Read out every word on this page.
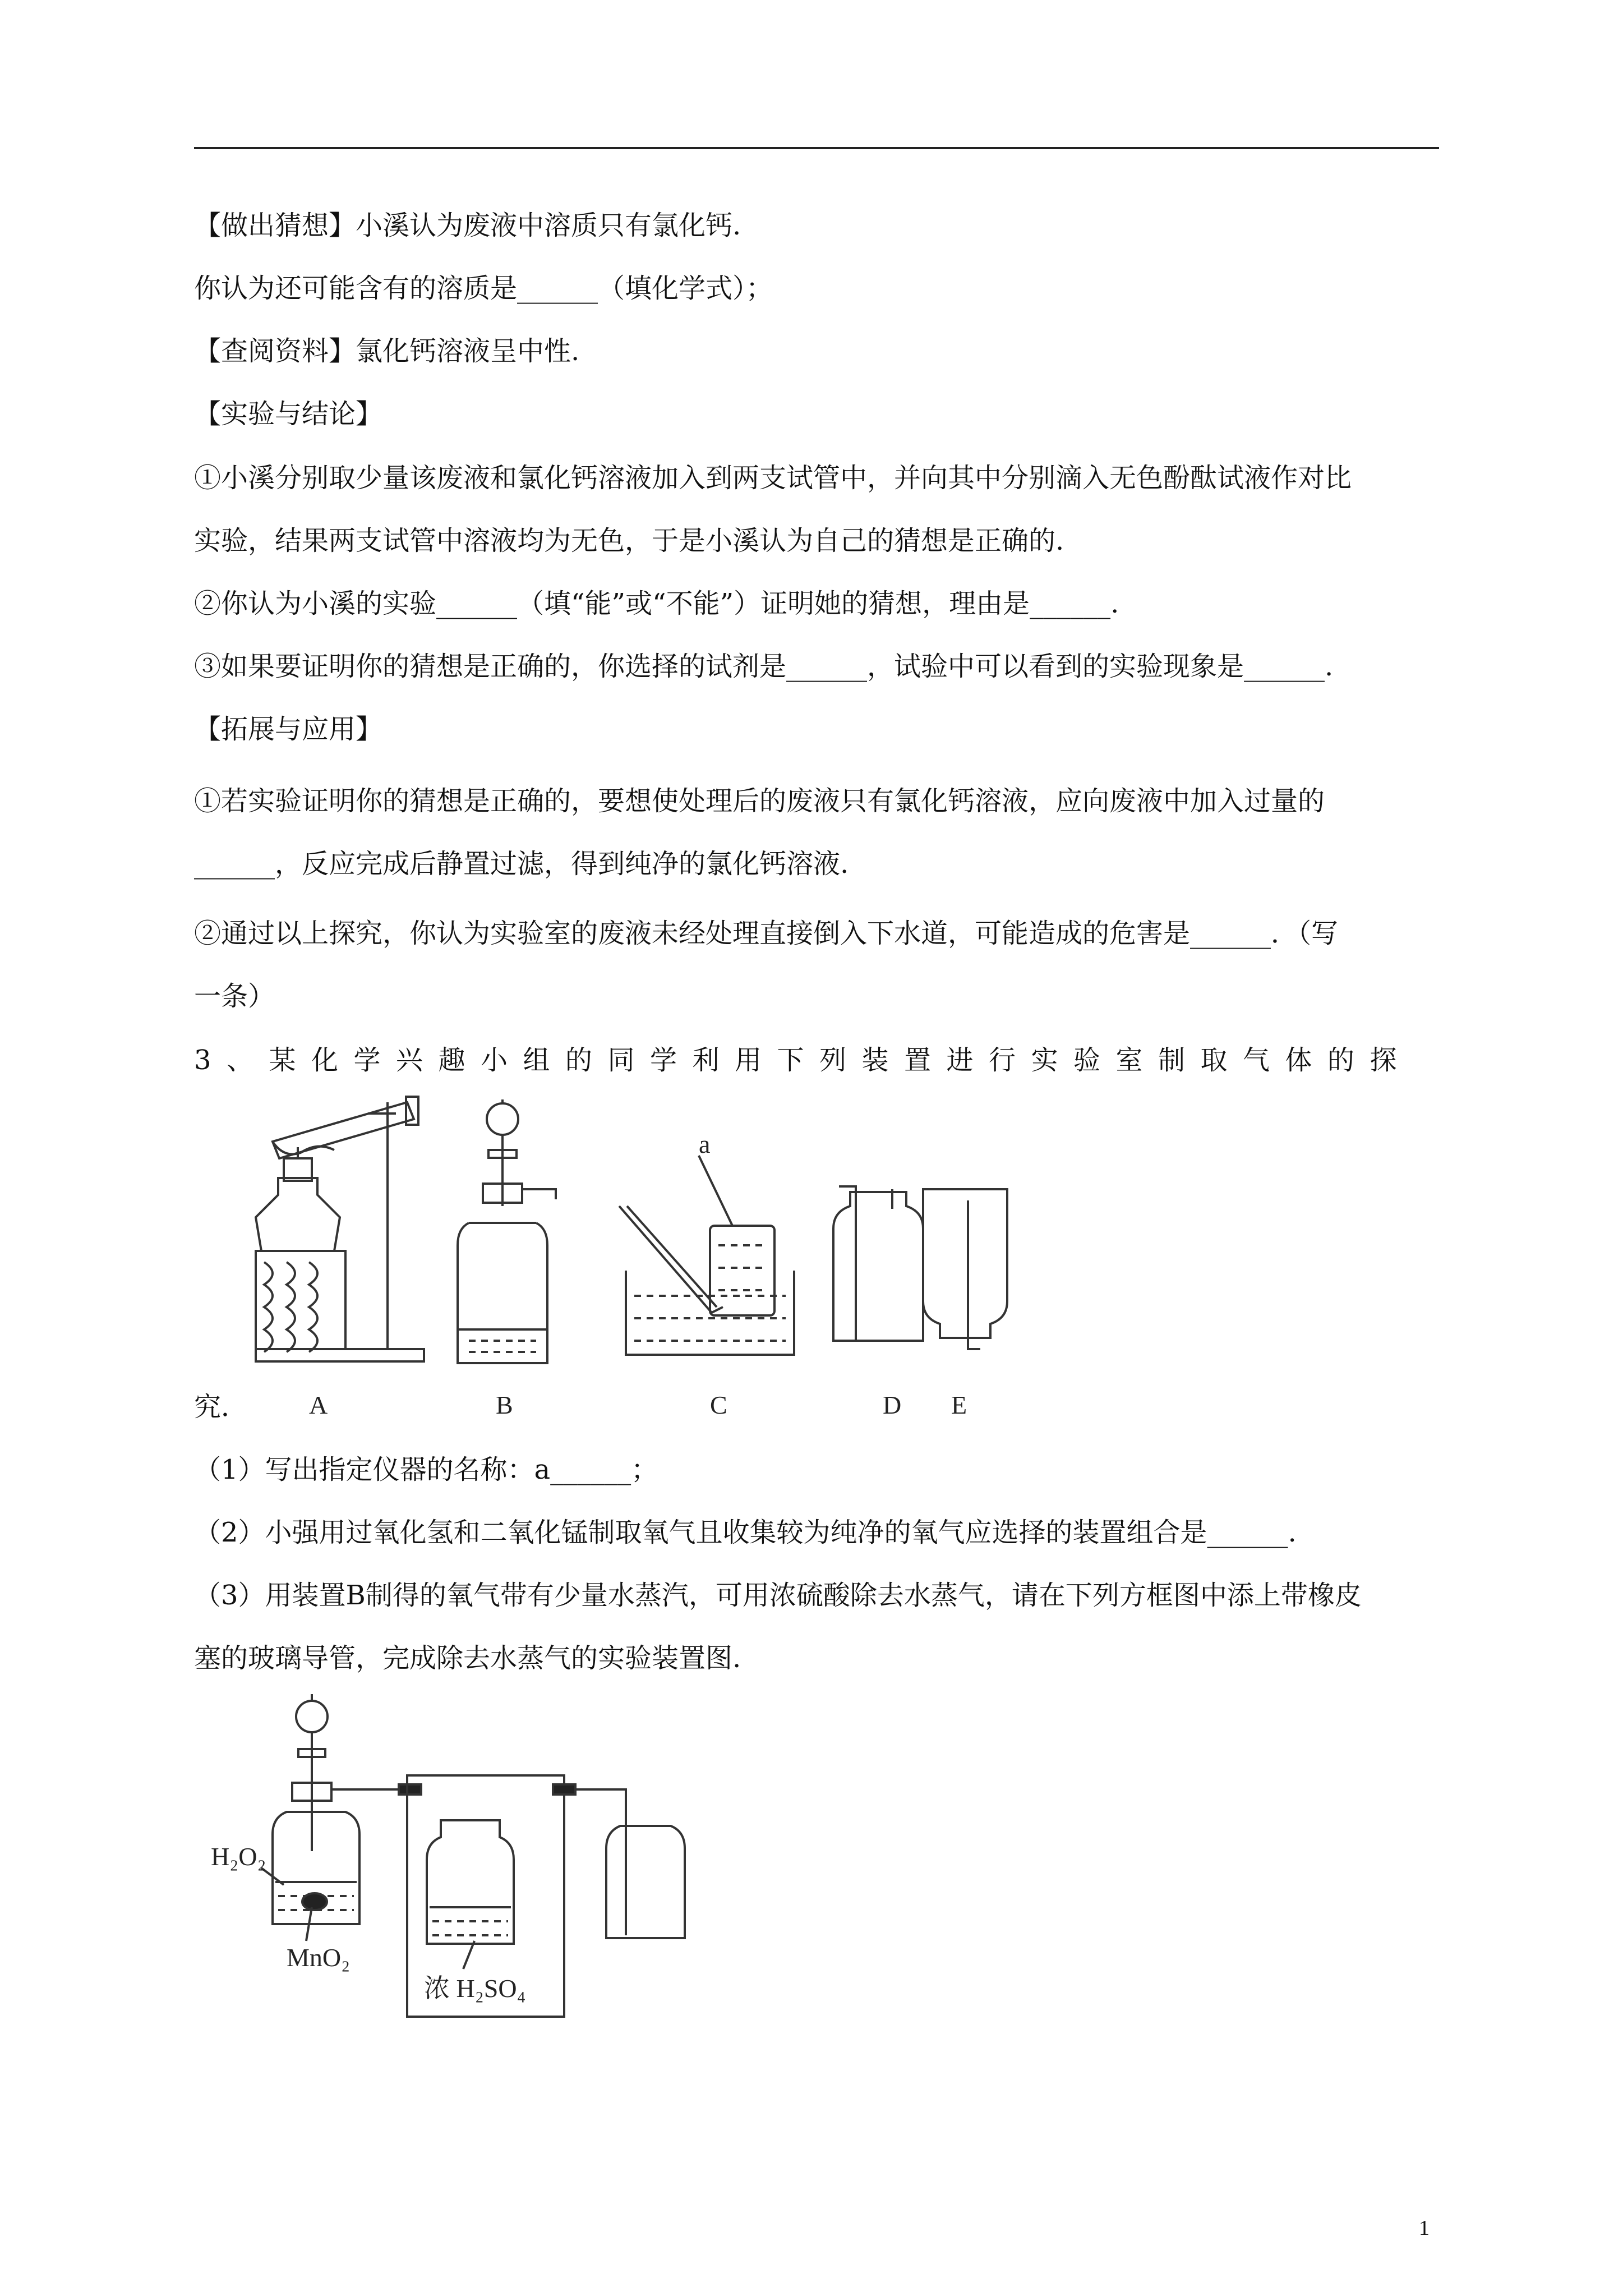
【做出猜想】小溪认为废液中溶质只有氯化钙.
你认为还可能含有的溶质是______（填化学式）；
【查阅资料】氯化钙溶液呈中性.
【实验与结论】
①小溪分别取少量该废液和氯化钙溶液加入到两支试管中，并向其中分别滴入无色酚酞试液作对比
实验，结果两支试管中溶液均为无色，于是小溪认为自己的猜想是正确的.
②你认为小溪的实验______（填“能”或“不能”）证明她的猜想，理由是______.
③如果要证明你的猜想是正确的，你选择的试剂是______，试验中可以看到的实验现象是______.
【拓展与应用】
①若实验证明你的猜想是正确的，要想使处理后的废液只有氯化钙溶液，应向废液中加入过量的
______，反应完成后静置过滤，得到纯净的氯化钙溶液.
②通过以上探究，你认为实验室的废液未经处理直接倒入下水道，可能造成的危害是______．（写
一条）
3、某化学兴趣小组的同学利用下列装置进行实验室制取气体的探
a
A	B	C	D E
究．
（1）写出指定仪器的名称：a______；
（2）小强用过氧化氢和二氧化锰制取氧气且收集较为纯净的氧气应选择的装置组合是______.
（3）用装置B制得的氧气带有少量水蒸汽，可用浓硫酸除去水蒸气，请在下列方框图中添上带橡皮
塞的玻璃导管，完成除去水蒸气的实验装置图.
H₂O₂
MnO₂
浓 H₂SO₄
1
